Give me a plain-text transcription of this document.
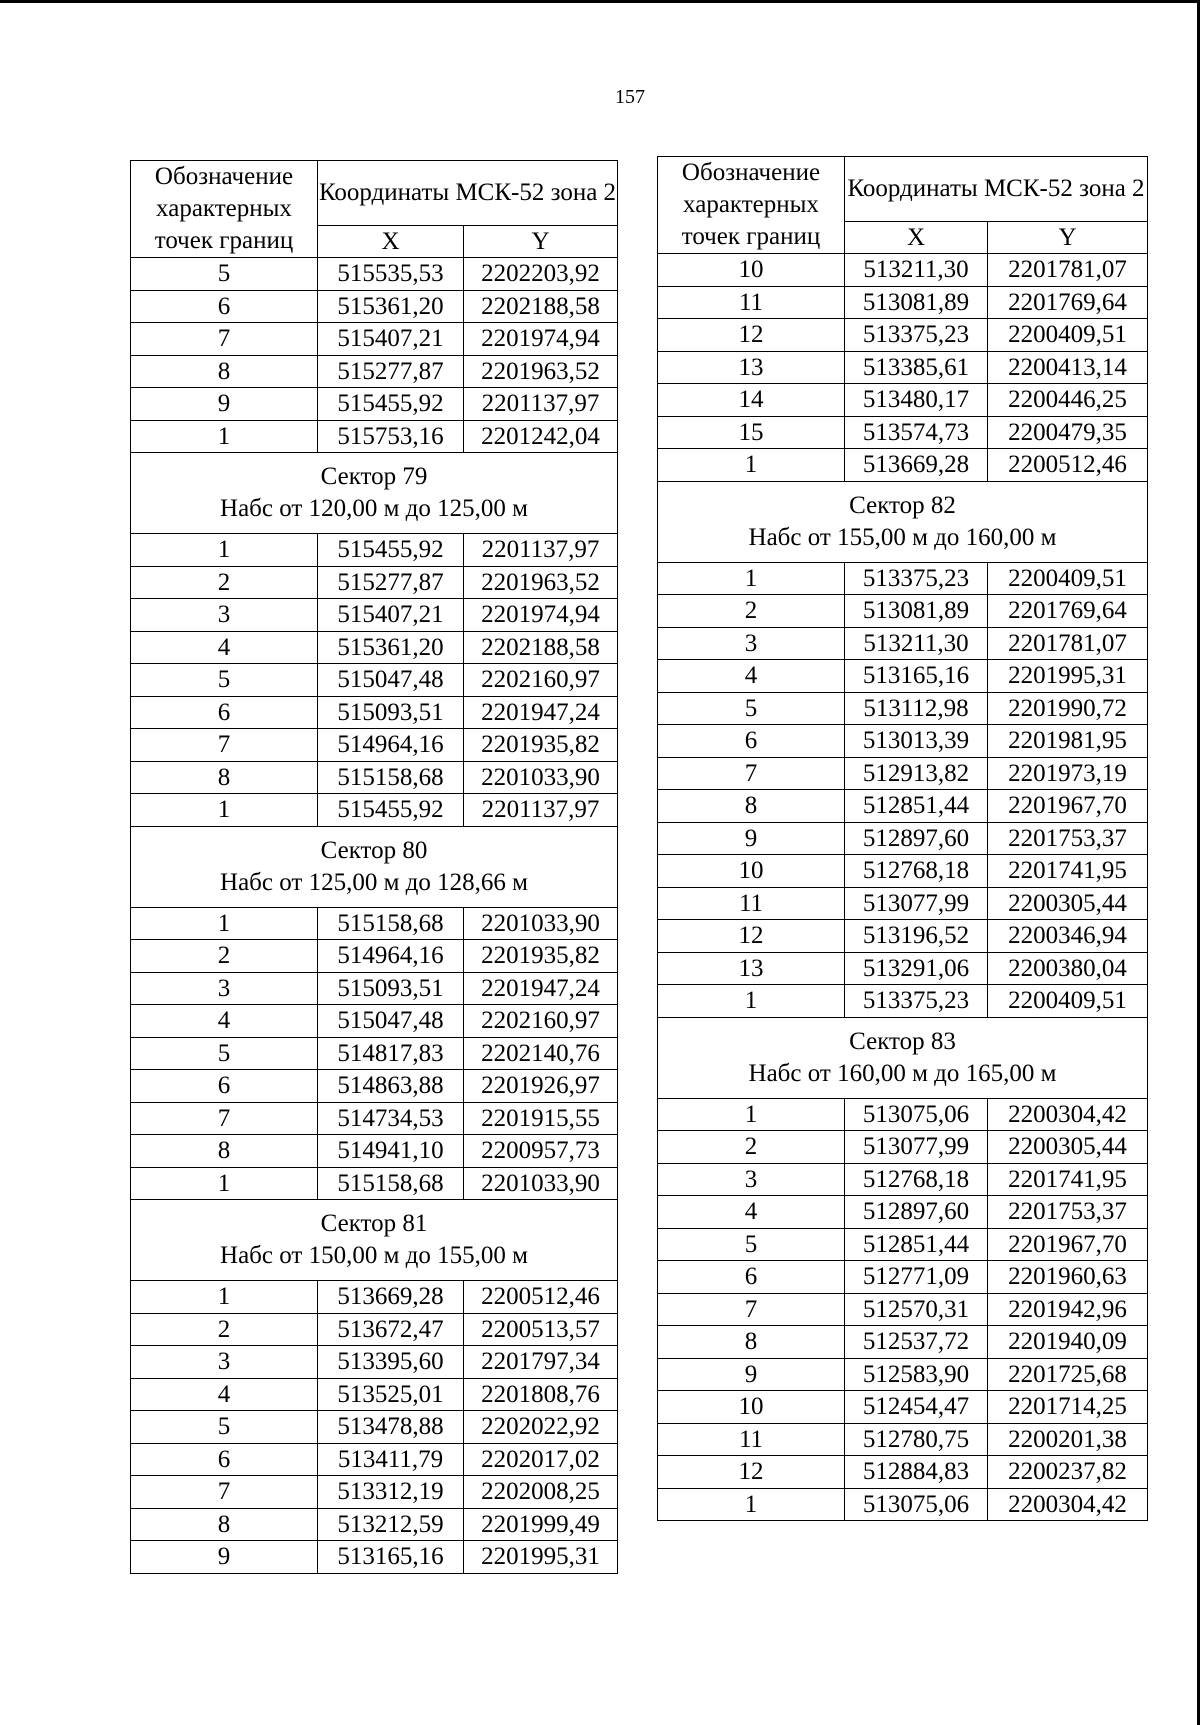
157
Обозначение характерных точек границ	Координаты МСК-52 зона 2	
	X	Y
5	515535,53	2202203,92
6	515361,20	2202188,58
7	515407,21	2201974,94
8	515277,87	2201963,52
9	515455,92	2201137,97
1	515753,16	2201242,04

Сектор 79
Набс от 120,00 м до 125,00 м		

1	515455,92	2201137,97
2	515277,87	2201963,52
3	515407,21	2201974,94
4	515361,20	2202188,58
5	515047,48	2202160,97
6	515093,51	2201947,24
7	514964,16	2201935,82
8	515158,68	2201033,90
1	515455,92	2201137,97

Сектор 80
Набс от 125,00 м до 128,66 м		

1	515158,68	2201033,90
2	514964,16	2201935,82
3	515093,51	2201947,24
4	515047,48	2202160,97
5	514817,83	2202140,76
6	514863,88	2201926,97
7	514734,53	2201915,55
8	514941,10	2200957,73
1	515158,68	2201033,90

Сектор 81
Набс от 150,00 м до 155,00 м		

1	513669,28	2200512,46
2	513672,47	2200513,57
3	513395,60	2201797,34
4	513525,01	2201808,76
5	513478,88	2202022,92
6	513411,79	2202017,02
7	513312,19	2202008,25
8	513212,59	2201999,49
9	513165,16	2201995,31
Обозначение характерных точек границ	Координаты МСК-52 зона 2	
	X	Y
10	513211,30	2201781,07
11	513081,89	2201769,64
12	513375,23	2200409,51
13	513385,61	2200413,14
14	513480,17	2200446,25
15	513574,73	2200479,35
1	513669,28	2200512,46

Сектор 82
Набс от 155,00 м до 160,00 м		

1	513375,23	2200409,51
2	513081,89	2201769,64
3	513211,30	2201781,07
4	513165,16	2201995,31
5	513112,98	2201990,72
6	513013,39	2201981,95
7	512913,82	2201973,19
8	512851,44	2201967,70
9	512897,60	2201753,37
10	512768,18	2201741,95
11	513077,99	2200305,44
12	513196,52	2200346,94
13	513291,06	2200380,04
1	513375,23	2200409,51

Сектор 83
Набс от 160,00 м до 165,00 м		

1	513075,06	2200304,42
2	513077,99	2200305,44
3	512768,18	2201741,95
4	512897,60	2201753,37
5	512851,44	2201967,70
6	512771,09	2201960,63
7	512570,31	2201942,96
8	512537,72	2201940,09
9	512583,90	2201725,68
10	512454,47	2201714,25
11	512780,75	2200201,38
12	512884,83	2200237,82
1	513075,06	2200304,42
